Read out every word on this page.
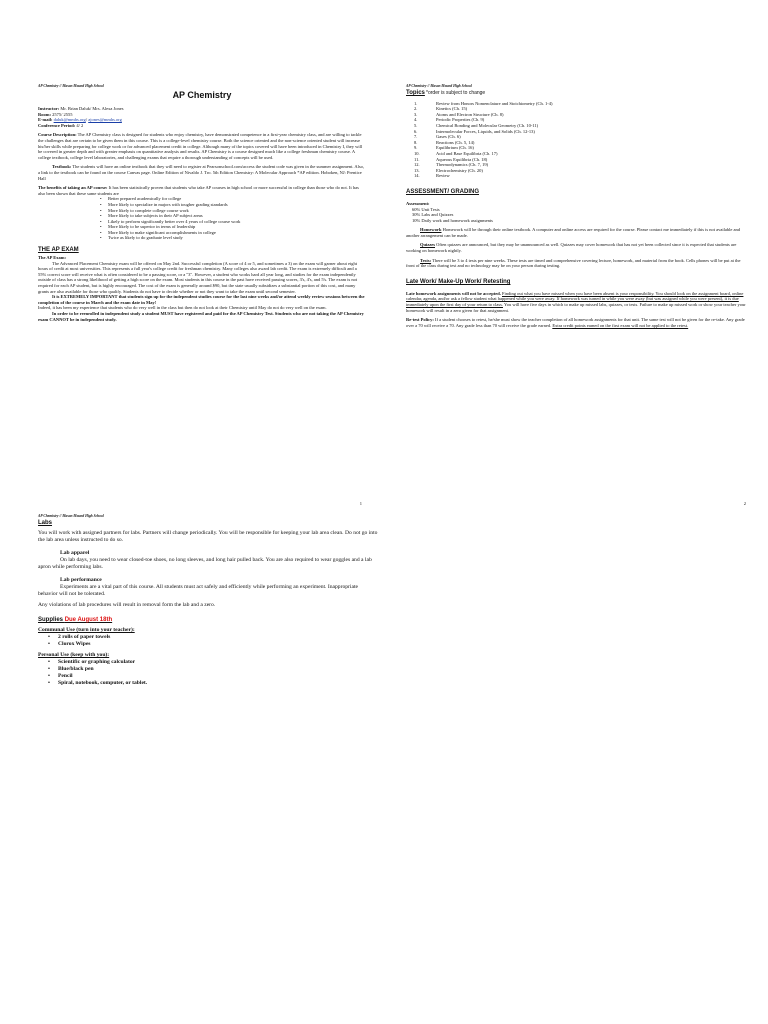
AP Chemistry // Mason Mound High School
AP Chemistry

Instructor: Mr. Brian Daluk/ Mrs. Alexa Jones

Room: 2575/ 2555

E-mail: daluk@mmhs.org/ ajones@mmhs.org

Conference Period: 4/ 2

Course Description: The AP Chemistry class is designed for students who enjoy chemistry, have demonstrated competence in a first-year chemistry class, and are willing to tackle the challenges that are certain to be given them in this course. This is a college-level chemistry course. Both the science oriented and the non-science oriented student will increase his/her skills while preparing for college work or for advanced placement credit in college. Although many of the topics covered will have been introduced in Chemistry I, they will be covered in greater depth and with greater emphasis on quantitative analysis and results. AP Chemistry is a course designed much like a college freshman chemistry course. A college textbook, college level laboratories, and challenging exams that require a thorough understanding of concepts will be used.

Textbook: The students will have an online textbook that they will need to register at Pearsonschool.com/access the student code was given in the summer assignment. Also, a link to the textbook can be found on the course Canvas page. Online Edition of Nivaldo J. Tro. 5th Edition Chemistry: A Molecular Approach *AP edition. Hoboken, NJ: Prentice Hall

The benefits of taking an AP course: It has been statistically proven that students who take AP courses in high school or more successful in college than those who do not. It has also been shown that these same students are

• Better prepared academically for college
• More likely to specialize in majors with tougher grading standards
• More likely to complete college course work
• More likely to take subjects in their AP subject areas
• Likely to perform significantly better over 4 years of college course work
• More likely to be superior in terms of leadership
• More likely to make significant accomplishments in college
• Twice as likely to do graduate level study
THE AP EXAM

The AP Exam:

The Advanced Placement Chemistry exam will be offered on May 2nd. Successful completion (A score of 4 or 5, and sometimes a 3) on the exam will garner about eight hours of credit at most universities. This represents a full year's college credit for freshman chemistry. Many colleges also award lab credit. The exam is extremely difficult and a 55% correct score will receive what is often considered to be a passing score, or a "3". However, a student who works hard all year long, and studies for the exam independently outside of class has a strong likelihood of getting a high score on the exam. Most students in this course in the past have received passing scores, 3's, 4's, and 5's. The exam is not required for each AP student, but is highly encouraged. The cost of the exam is generally around $90, but the state usually subsidizes a substantial portion of this cost, and many grants are also available for those who qualify. Students do not have to decide whether or not they want to take the exam until second semester.

It is EXTREMELY IMPORTANT that students sign up for the independent studies course for the last nine weeks and/or attend weekly review sessions between the completion of the course in March and the exam date in May!

Indeed, it has been my experience that students who do very well in the class but then do not look at their Chemistry until May do not do very well on the exam.

In order to be reenrolled in independent study a student MUST have registered and paid for the AP Chemistry Test. Students who are not taking the AP Chemistry exam CANNOT be in independent study.

1
AP Chemistry // Mason Mound High School
Topics *order is subject to change
1.	Review from Honors Nomenclature and Stoichiometry (Ch. 1-4)
2.	Kinetics (Ch. 15)
3.	Atoms and Electron Structure (Ch. 8)
4.	Periodic Properties (Ch. 9)
5.	Chemical Bonding and Molecular Geometry (Ch. 10-11)
6.	Intermolecular Forces, Liquids, and Solids (Ch. 12-13)
7.	Gases (Ch. 6)
8.	Reactions (Ch. 5, 14)
9.	Equilibrium (Ch. 16)
10.	Acid and Base Equilibria (Ch. 17)
11.	Aqueous Equilibria (Ch. 18)
12.	Thermodynamics (Ch. 7, 19)
13.	Electrochemistry (Ch. 20)
14.	Review
ASSESSMENT/ GRADING

Assessment:

60% Unit Tests

30% Labs and Quizzes

10% Daily work and homework assignments

Homework Homework will be through their online textbook. A computer and online access are required for the course. Please contact me immediately if this is not available and another arrangement can be made.

Quizzes Often quizzes are announced, but they may be unannounced as well. Quizzes may cover homework that has not yet been collected since it is expected that students are working on homework nightly.

Tests: There will be 3 to 4 tests per nine weeks. These tests are timed and comprehensive covering lecture, homework, and material from the book. Cells phones will be put at the front of the class during test and no technology may be on your person during testing.

Late Work/ Make-Up Work/ Retesting

Late homework assignments will not be accepted. Finding out what you have missed when you have been absent is your responsibility. You should look on the assignment board, online calendar, agenda, and/or ask a fellow student what happened while you were away. If homework was turned in while you were away (but was assigned while you were present), it is due immediately upon the first day of your return to class. You will have five days in which to make up missed labs, quizzes, or tests. Failure to make up missed work or show your teacher your homework will result in a zero given for that assignment.

Re-test Policy: If a student chooses to retest, he/she must show the teacher completion of all homework assignments for that unit. The same test will not be given for the re-take. Any grade over a 70 will receive a 70. Any grade less than 70 will receive the grade earned. Extra credit points earned on the first exam will not be applied to the retest.

2
AP Chemistry // Mason Mound High School
Labs

You will work with assigned partners for labs. Partners will change periodically. You will be responsible for keeping your lab area clean. Do not go into the lab area unless instructed to do so.

Lab apparel

On lab days, you need to wear closed-toe shoes, no long sleeves, and long hair pulled back. You are also required to wear goggles and a lab apron while performing labs.

Lab performance

Experiments are a vital part of this course. All students must act safely and efficiently while performing an experiment. Inappropriate behavior will not be tolerated.

Any violations of lab procedures will result in removal form the lab and a zero.

Supplies Due August 18th

Communal Use (turn into your teacher):

• 2 rolls of paper towels
• Clorox Wipes

Personal Use (keep with you):

• Scientific or graphing calculator
• Blue/black pen
• Pencil
• Spiral, notebook, computer, or tablet.
